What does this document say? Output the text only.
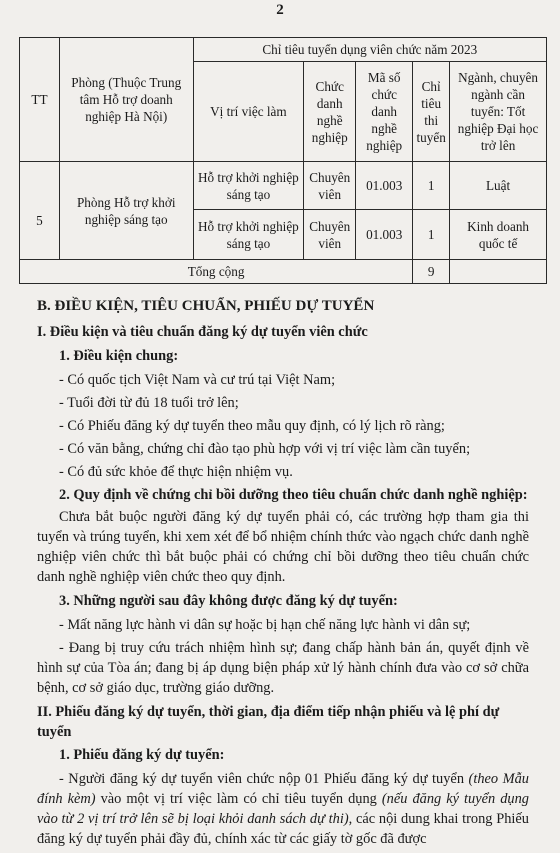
2
TT	Phòng (Thuộc Trung tâm Hỗ trợ doanh nghiệp Hà Nội)	Chỉ tiêu tuyển dụng viên chức năm 2023				
		Vị trí việc làm	Chức danh nghề nghiệp	Mã số chức danh nghề nghiệp	Chỉ tiêu thi tuyển	Ngành, chuyên ngành cần tuyển: Tốt nghiệp Đại học trở lên
5	Phòng Hỗ trợ khởi nghiệp sáng tạo	Hỗ trợ khởi nghiệp sáng tạo	Chuyên viên	01.003	1	Luật
		Hỗ trợ khởi nghiệp sáng tạo	Chuyên viên	01.003	1	Kinh doanh quốc tế
Tổng cộng					9	

B. ĐIỀU KIỆN, TIÊU CHUẨN, PHIẾU DỰ TUYỂN

I. Điều kiện và tiêu chuẩn đăng ký dự tuyển viên chức

1. Điều kiện chung:

- Có quốc tịch Việt Nam và cư trú tại Việt Nam;

- Tuổi đời từ đủ 18 tuổi trở lên;

- Có Phiếu đăng ký dự tuyển theo mẫu quy định, có lý lịch rõ ràng;

- Có văn bằng, chứng chỉ đào tạo phù hợp với vị trí việc làm cần tuyển;

- Có đủ sức khỏe để thực hiện nhiệm vụ.

2. Quy định về chứng chỉ bồi dưỡng theo tiêu chuẩn chức danh nghề nghiệp:

Chưa bắt buộc người đăng ký dự tuyển phải có, các trường hợp tham gia thi tuyển và trúng tuyển, khi xem xét để bổ nhiệm chính thức vào ngạch chức danh nghề nghiệp viên chức thì bắt buộc phải có chứng chỉ bồi dưỡng theo tiêu chuẩn chức danh nghề nghiệp viên chức theo quy định.

3. Những người sau đây không được đăng ký dự tuyển:

- Mất năng lực hành vi dân sự hoặc bị hạn chế năng lực hành vi dân sự;

- Đang bị truy cứu trách nhiệm hình sự; đang chấp hành bản án, quyết định về hình sự của Tòa án; đang bị áp dụng biện pháp xử lý hành chính đưa vào cơ sở chữa bệnh, cơ sở giáo dục, trường giáo dưỡng.

II. Phiếu đăng ký dự tuyển, thời gian, địa điểm tiếp nhận phiếu và lệ phí dự tuyển

1. Phiếu đăng ký dự tuyển:

- Người đăng ký dự tuyển viên chức nộp 01 Phiếu đăng ký dự tuyển (theo Mẫu đính kèm) vào một vị trí việc làm có chỉ tiêu tuyển dụng (nếu đăng ký tuyển dụng vào từ 2 vị trí trở lên sẽ bị loại khỏi danh sách dự thi), các nội dung khai trong Phiếu đăng ký dự tuyển phải đầy đủ, chính xác từ các giấy tờ gốc đã được
